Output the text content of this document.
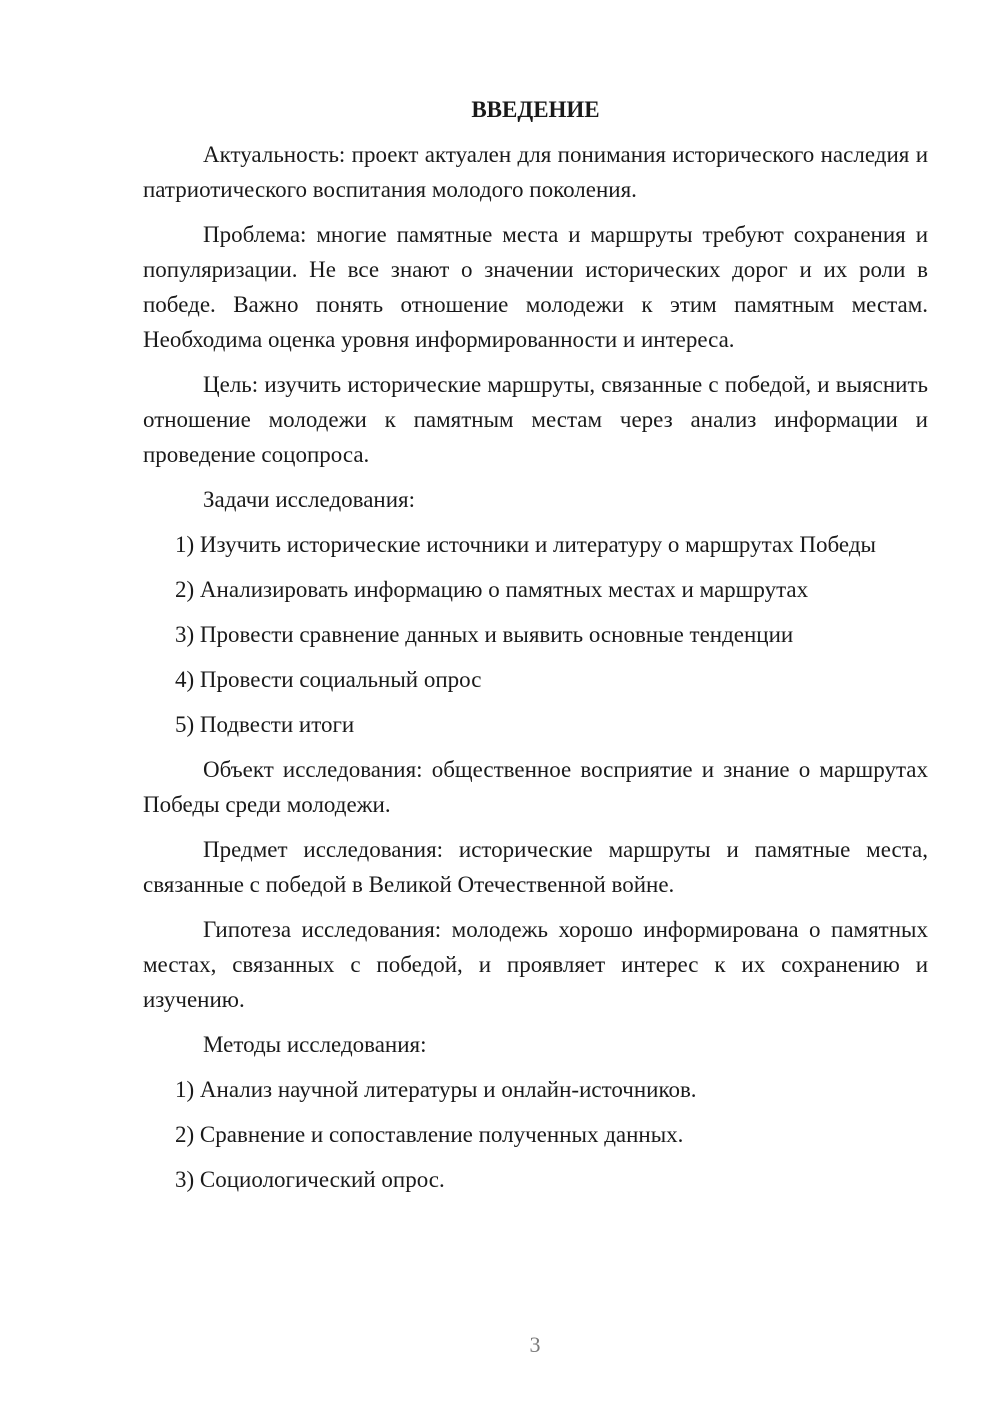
ВВЕДЕНИЕ

Актуальность: проект актуален для понимания исторического наследия и патриотического воспитания молодого поколения.

Проблема: многие памятные места и маршруты требуют сохранения и популяризации. Не все знают о значении исторических дорог и их роли в победе. Важно понять отношение молодежи к этим памятным местам. Необходима оценка уровня информированности и интереса.

Цель: изучить исторические маршруты, связанные с победой, и выяснить отношение молодежи к памятным местам через анализ информации и проведение соцопроса.

Задачи исследования:

1) Изучить исторические источники и литературу о маршрутах Победы

2) Анализировать информацию о памятных местах и маршрутах

3) Провести сравнение данных и выявить основные тенденции

4) Провести социальный опрос

5) Подвести итоги

Объект исследования: общественное восприятие и знание о маршрутах Победы среди молодежи.

Предмет исследования: исторические маршруты и памятные места, связанные с победой в Великой Отечественной войне.

Гипотеза исследования: молодежь хорошо информирована о памятных местах, связанных с победой, и проявляет интерес к их сохранению и изучению.

Методы исследования:

1) Анализ научной литературы и онлайн-источников.

2) Сравнение и сопоставление полученных данных.

3) Социологический опрос.

3
